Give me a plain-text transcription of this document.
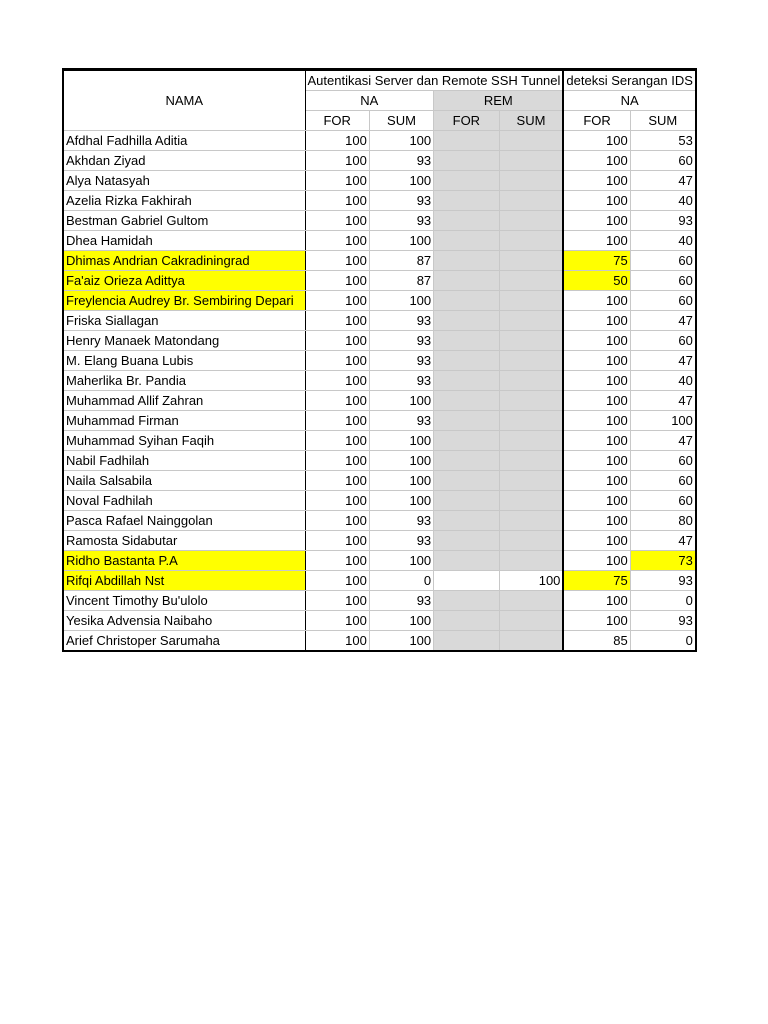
NAMA	Autentikasi Server dan Remote SSH Tunnel				deteksi Serangan IDS	
	NA		REM		NA	
	FOR	SUM	FOR	SUM	FOR	SUM
Afdhal Fadhilla Aditia	100	100			100	53
Akhdan Ziyad	100	93			100	60
Alya Natasyah	100	100			100	47
Azelia Rizka Fakhirah	100	93			100	40
Bestman Gabriel Gultom	100	93			100	93
Dhea Hamidah	100	100			100	40
Dhimas Andrian Cakradiningrad	100	87			75	60
Fa'aiz Orieza Adittya	100	87			50	60
Freylencia Audrey Br. Sembiring Depari	100	100			100	60
Friska Siallagan	100	93			100	47
Henry Manaek Matondang	100	93			100	60
M. Elang Buana Lubis	100	93			100	47
Maherlika Br. Pandia	100	93			100	40
Muhammad Allif Zahran	100	100			100	47
Muhammad Firman	100	93			100	100
Muhammad Syihan Faqih	100	100			100	47
Nabil Fadhilah	100	100			100	60
Naila Salsabila	100	100			100	60
Noval Fadhilah	100	100			100	60
Pasca Rafael Nainggolan	100	93			100	80
Ramosta Sidabutar	100	93			100	47
Ridho Bastanta P.A	100	100			100	73
Rifqi Abdillah Nst	100	0		100	75	93
Vincent Timothy Bu'ulolo	100	93			100	0
Yesika Advensia Naibaho	100	100			100	93
Arief Christoper Sarumaha	100	100			85	0
